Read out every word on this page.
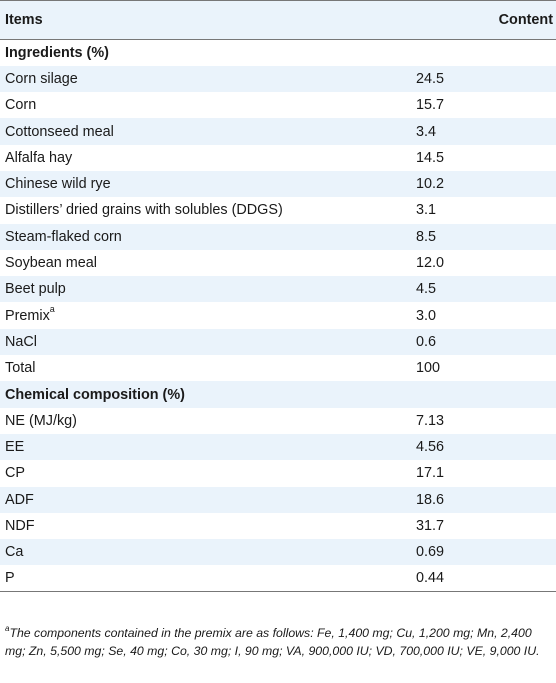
Items	Content
Ingredients (%)	
Corn silage	24.5
Corn	15.7
Cottonseed meal	3.4
Alfalfa hay	14.5
Chinese wild rye	10.2
Distillers’ dried grains with solubles (DDGS)	3.1
Steam-flaked corn	8.5
Soybean meal	12.0
Beet pulp	4.5
Premix$^a$	3.0
NaCl	0.6
Total	100
Chemical composition (%)	
NE (MJ/kg)	7.13
EE	4.56
CP	17.1
ADF	18.6
NDF	31.7
Ca	0.69
P	0.44
$^a$The components contained in the premix are as follows: Fe, 1,400 mg; Cu, 1,200 mg; Mn, 2,400 mg; Zn, 5,500 mg; Se, 40 mg; Co, 30 mg; I, 90 mg; VA, 900,000 IU; VD, 700,000 IU; VE, 9,000 IU.
